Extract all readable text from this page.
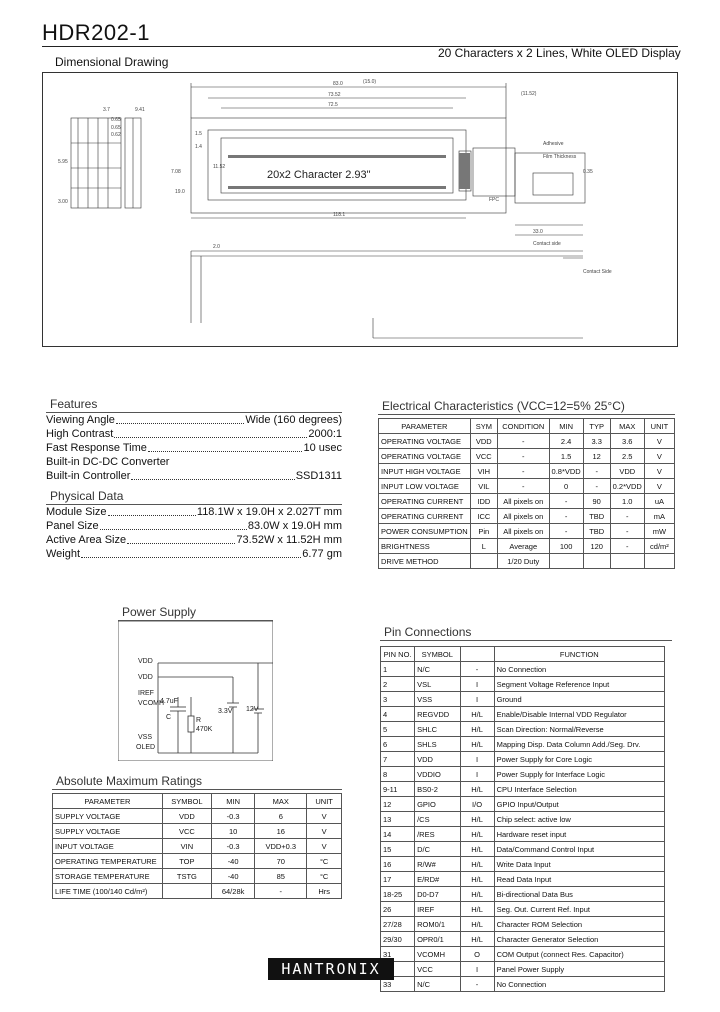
HDR202-1
20 Characters x 2 Lines, White OLED Display
Dimensional Drawing
20x2 Character 2.93"
3.7
0.65
0.65
9.41
0.62
5.95
3.00
7.08
1.5
83.0
73.52
72.5
1.4
19.0
2.0
(11.52)
(15.0)
118.1
FPC
33.0
Contact side
Adhesive
Film Thickness
0.35
11.52
Contact Side
Features
Viewing Angle	Wide (160 degrees)
High Contrast	2000:1
Fast Response Time	10 usec
Built-in DC-DC Converter
Built-in Controller	SSD1311
Physical Data
Module Size	118.1W x 19.0H x 2.027T mm
Panel Size	83.0W x 19.0H mm
Active Area Size	73.52W x 11.52H mm
Weight	6.77 gm
Electrical Characteristics (VCC=12=5% 25°C)
PARAMETER	SYM	CONDITION	MIN	TYP	MAX	UNIT
OPERATING VOLTAGE	VDD	-	2.4	3.3	3.6	V
OPERATING VOLTAGE	VCC	-	1.5	12	2.5	V
INPUT HIGH VOLTAGE	VIH	-	0.8*VDD	-	VDD	V
INPUT LOW VOLTAGE	VIL	-	0	-	0.2*VDD	V
OPERATING CURRENT	IDD	All pixels on	-	90	1.0	uA
OPERATING CURRENT	ICC	All pixels on	-	TBD	-	mA
POWER CONSUMPTION	Pin	All pixels on	-	TBD	-	mW
BRIGHTNESS	L	Average	100	120	-	cd/m²
DRIVE METHOD		1/20 Duty				
Power Supply
VDD
VDD
IREF
VCOMH
VSS
OLED
4.7uF
C	R
470K
3.3V 12V
Absolute Maximum Ratings
PARAMETER	SYMBOL	MIN	MAX	UNIT
SUPPLY VOLTAGE	VDD	-0.3	6	V
SUPPLY VOLTAGE	VCC	10	16	V
INPUT VOLTAGE	VIN	-0.3	VDD+0.3	V
OPERATING TEMPERATURE	TOP	-40	70	°C
STORAGE TEMPERATURE	TSTG	-40	85	°C
LIFE TIME (100/140 Cd/m²)		64/28k	-	Hrs
Pin Connections
PIN NO.	SYMBOL		FUNCTION
1	N/C	-	No Connection
2	VSL	I	Segment Voltage Reference Input
3	VSS	I	Ground
4	REGVDD	H/L	Enable/Disable Internal VDD Regulator
5	SHLC	H/L	Scan Direction: Normal/Reverse
6	SHLS	H/L	Mapping Disp. Data Column Add./Seg. Drv.
7	VDD	I	Power Supply for Core Logic
8	VDDIO	I	Power Supply for Interface Logic
9-11	BS0-2	H/L	CPU Interface Selection
12	GPIO	I/O	GPIO Input/Output
13	/CS	H/L	Chip select: active low
14	/RES	H/L	Hardware reset input
15	D/C	H/L	Data/Command Control Input
16	R/W#	H/L	Write Data Input
17	E/RD#	H/L	Read Data Input
18-25	D0-D7	H/L	Bi-directional Data Bus
26	IREF	H/L	Seg. Out. Current Ref. Input
27/28	ROM0/1	H/L	Character ROM Selection
29/30	OPR0/1	H/L	Character Generator Selection
31	VCOMH	O	COM Output (connect Res. Capacitor)
	VCC	I	Panel Power Supply
33	N/C	-	No Connection
HANTRONIX
